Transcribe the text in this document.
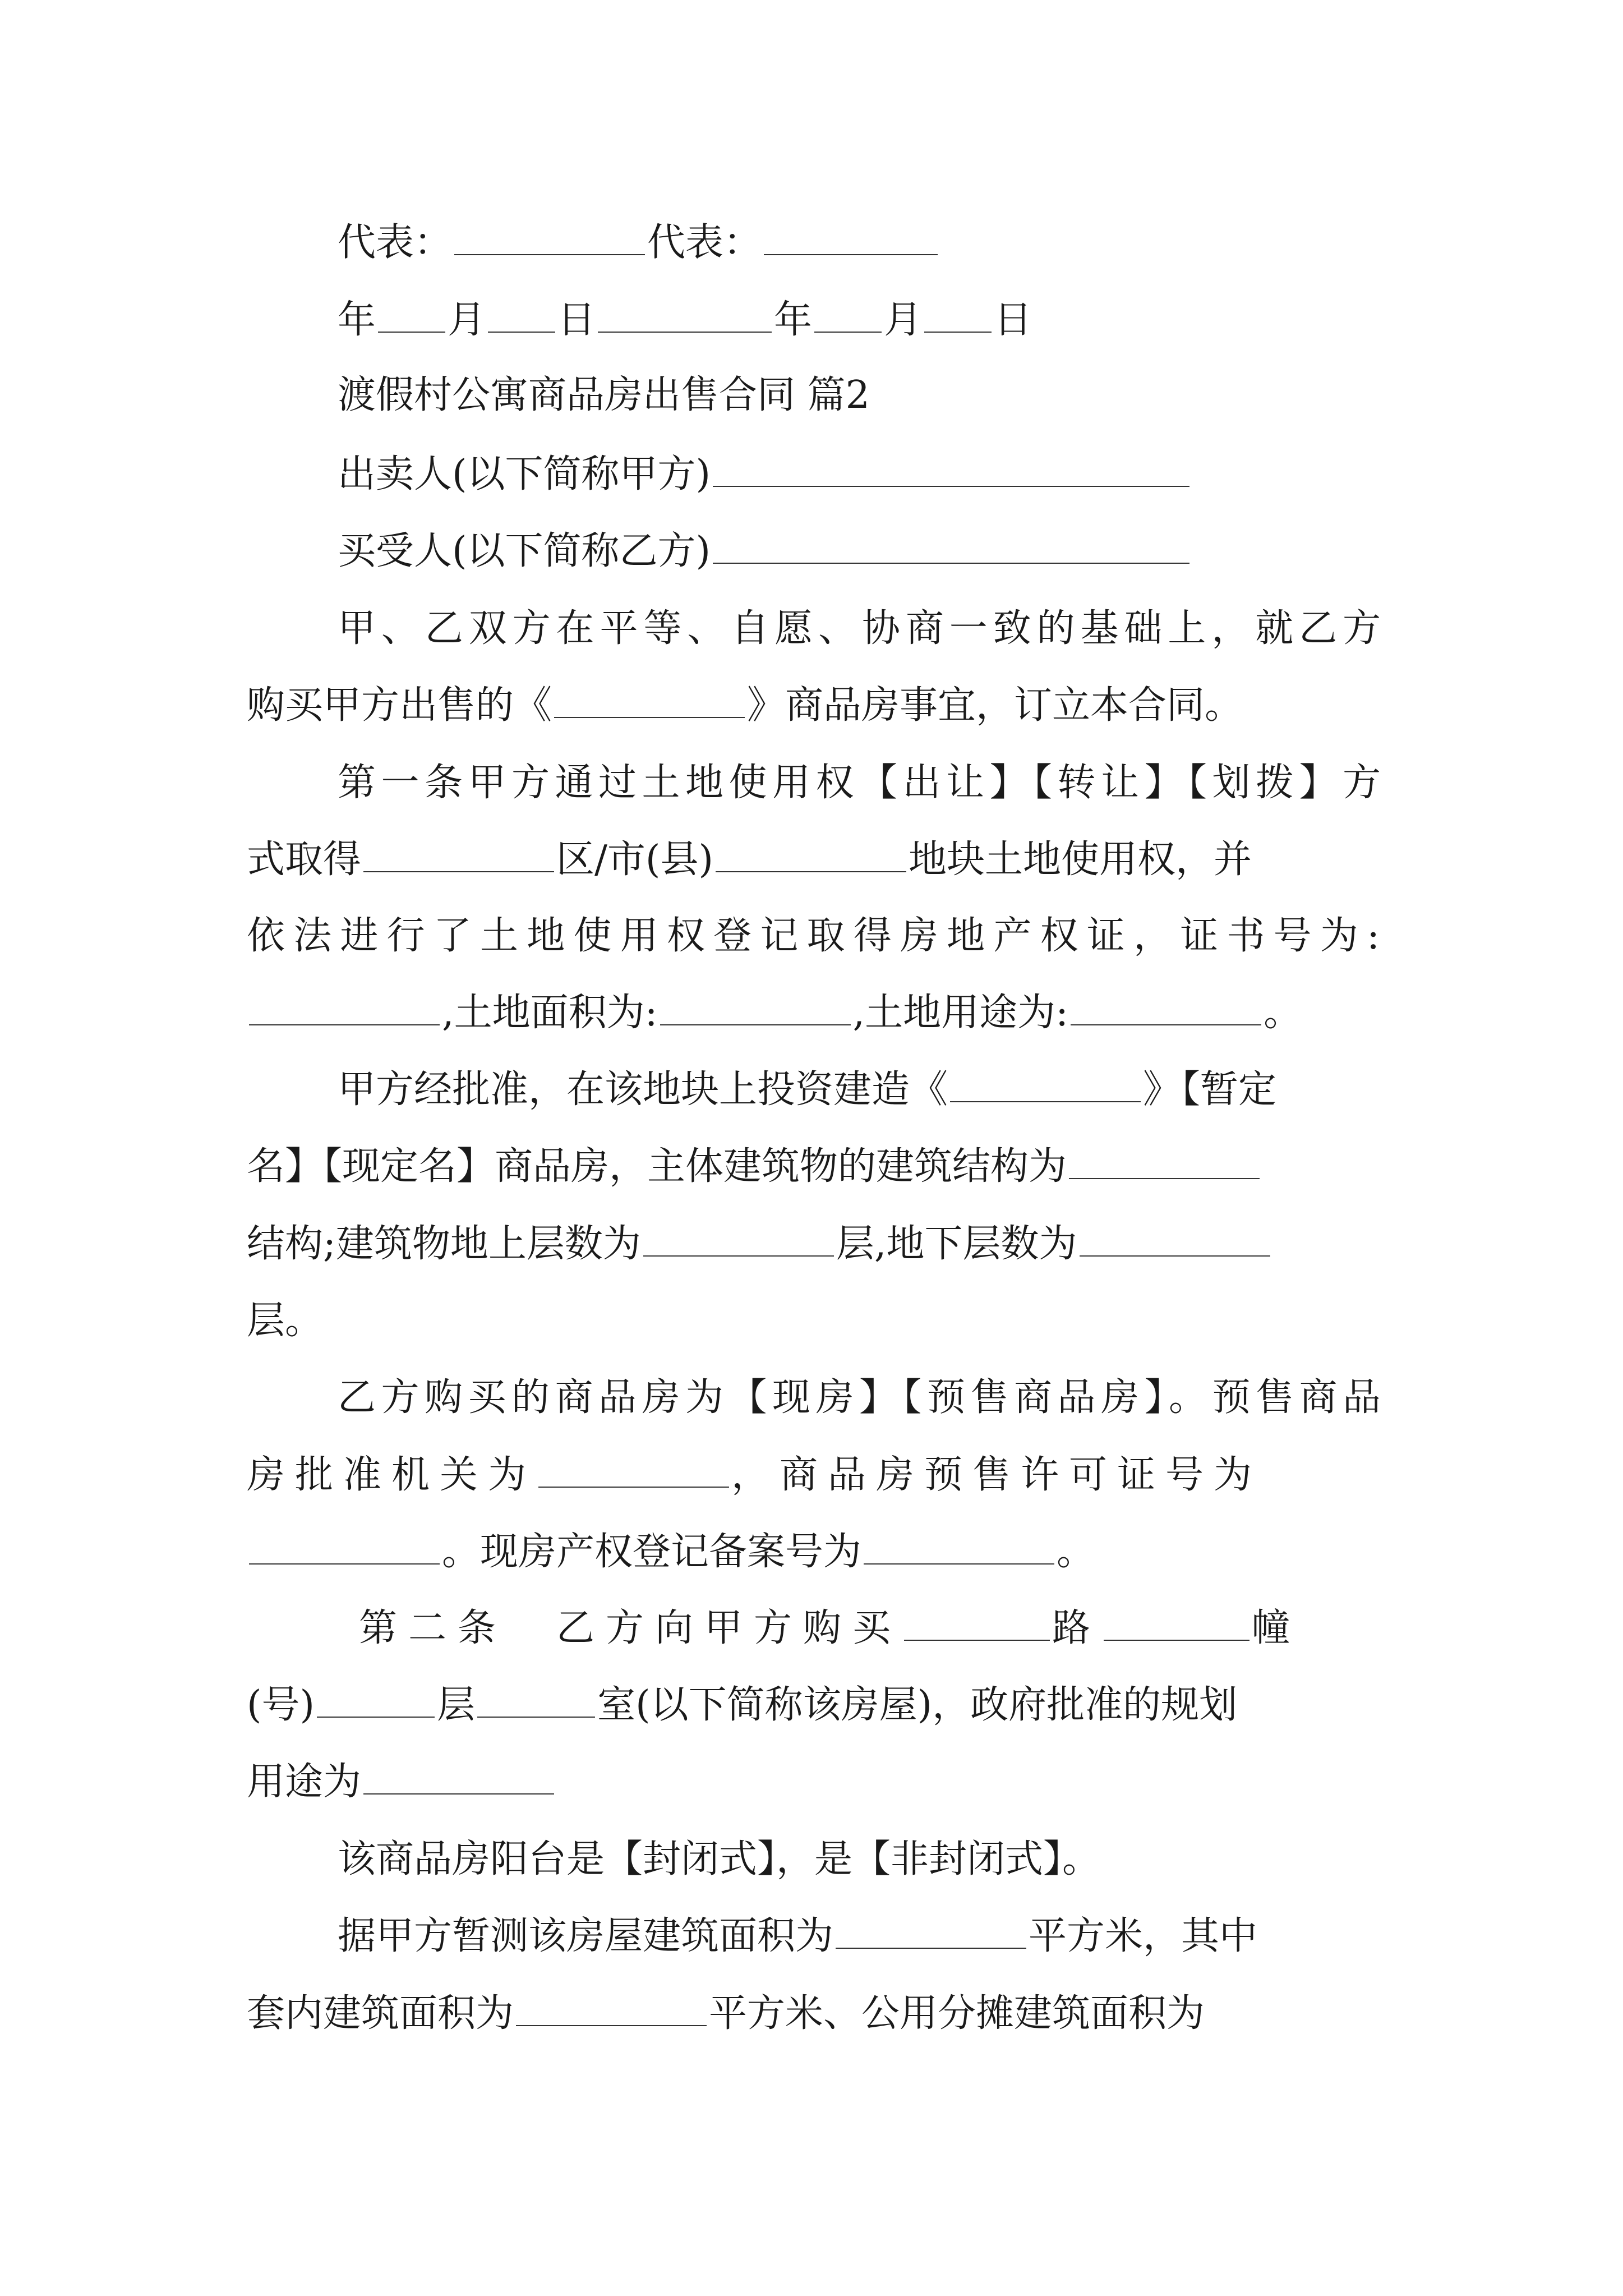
代表：	代表：
年 月 日	年 月 日
渡假村公寓商品房出售合同 篇2
出卖人(以下简称甲方)
买受人(以下简称乙方)
甲、乙双方在平等、自愿、协商一致的基础上，就乙方
购买甲方出售的《	》商品房事宜，订立本合同。
第一条甲方通过土地使用权【出让】【转让】【划拨】方
式取得	区/市(县)	地块土地使用权，并
依法进行了土地使用权登记取得房地产权证，证书号为:
,土地面积为:	,土地用途为:	。
甲方经批准，在该地块上投资建造《	》【暂定
名】【现定名】商品房，主体建筑物的建筑结构为
结构;建筑物地上层数为	层,地下层数为
层。
乙方购买的商品房为【现房】【预售商品房】。预售商品
房批准机关为	，商品房预售许可证号为
。现房产权登记备案号为	。
第二条　乙方向甲方购买	路	幢
(号)	层	室(以下简称该房屋)，政府批准的规划
用途为
该商品房阳台是【封闭式】，是【非封闭式】。
据甲方暂测该房屋建筑面积为	平方米，其中
套内建筑面积为	平方米、公用分摊建筑面积为
